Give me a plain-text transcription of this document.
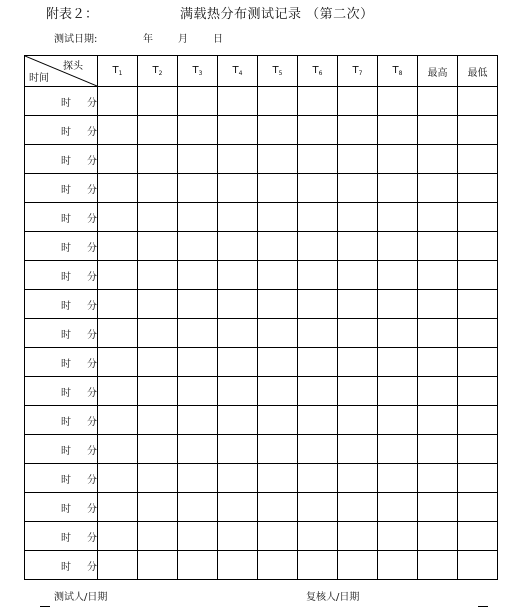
附表２：	满载热分布测试记录 （第二次）
测试日期:	年	月	日
探头
时间	$T_1$	$T_2$	$T_3$	$T_4$	$T_5$	$T_6$	$T_7$	$T_8$	最高	最低
时 分										
时 分										
时 分										
时 分										
时 分										
时 分										
时 分										
时 分										
时 分										
时 分										
时 分										
时 分										
时 分										
时 分										
时 分										
时 分										
时 分										
测试人/日期	复核人/日期
